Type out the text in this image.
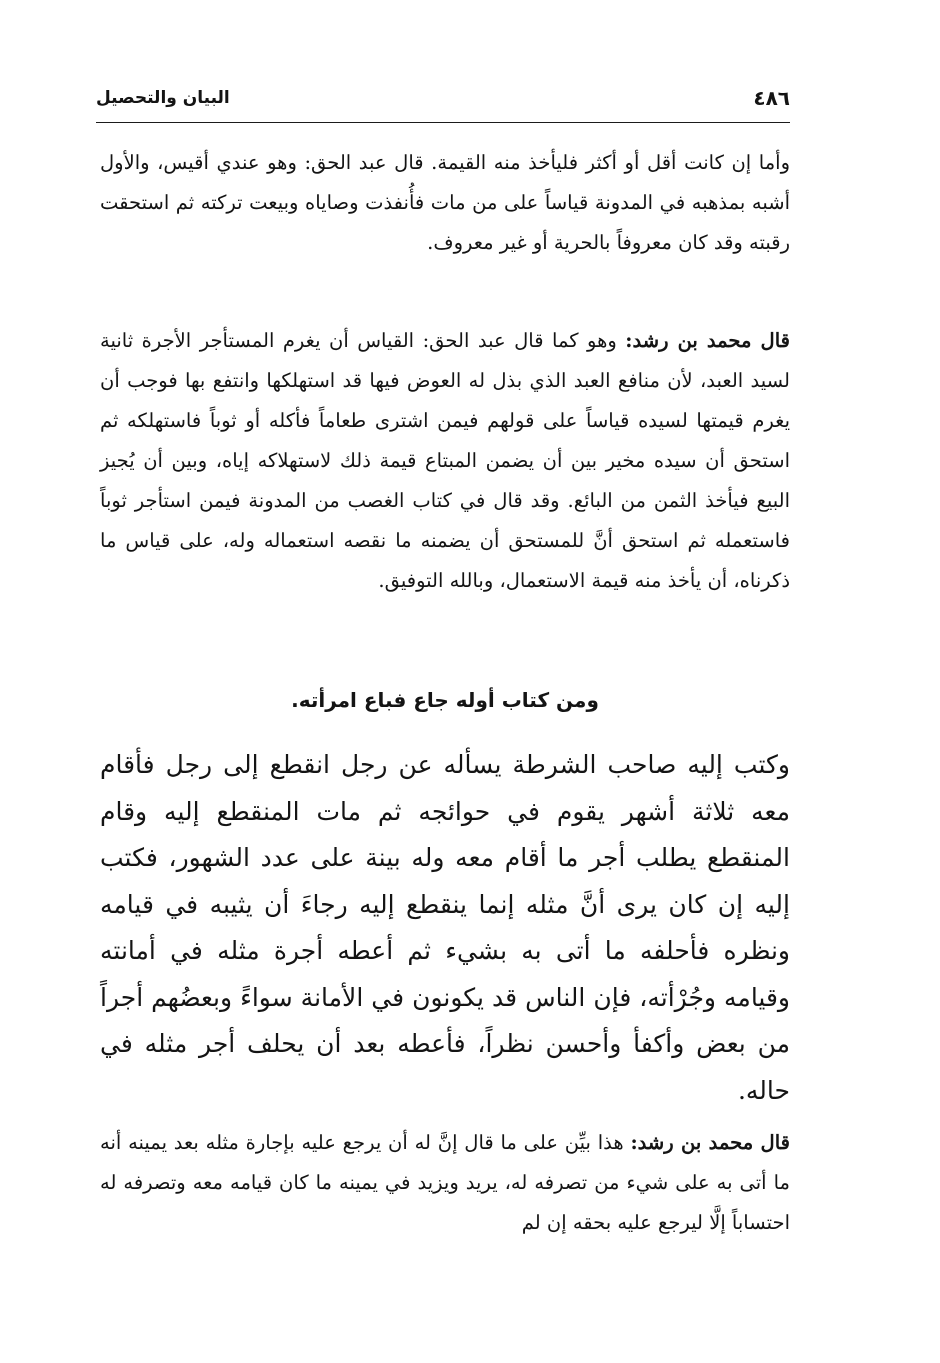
٤٨٦
البيان والتحصيل

وأما إن كانت أقل أو أكثر فليأخذ منه القيمة. قال عبد الحق: وهو عندي أقيس، والأول أشبه بمذهبه في المدونة قياساً على من مات فأُنفذت وصاياه وبيعت تركته ثم استحقت رقبته وقد كان معروفاً بالحرية أو غير معروف.

قال محمد بن رشد: وهو كما قال عبد الحق: القياس أن يغرم المستأجر الأجرة ثانية لسيد العبد، لأن منافع العبد الذي بذل له العوض فيها قد استهلكها وانتفع بها فوجب أن يغرم قيمتها لسيده قياساً على قولهم فيمن اشترى طعاماً فأكله أو ثوباً فاستهلكه ثم استحق أن سيده مخير بين أن يضمن المبتاع قيمة ذلك لاستهلاكه إياه، وبين أن يُجيز البيع فيأخذ الثمن من البائع. وقد قال في كتاب الغصب من المدونة فيمن استأجر ثوباً فاستعمله ثم استحق أنَّ للمستحق أن يضمنه ما نقصه استعماله وله، على قياس ما ذكرناه، أن يأخذ منه قيمة الاستعمال، وبالله التوفيق.

ومن كتاب أوله جاع فباع امرأته.

وكتب إليه صاحب الشرطة يسأله عن رجل انقطع إلى رجل فأقام معه ثلاثة أشهر يقوم في حوائجه ثم مات المنقطع إليه وقام المنقطع يطلب أجر ما أقام معه وله بينة على عدد الشهور، فكتب إليه إن كان يرى أنَّ مثله إنما ينقطع إليه رجاءَ أن يثيبه في قيامه ونظره فأحلفه ما أتى به بشيء ثم أعطه أجرة مثله في أمانته وقيامه وجُرْأته، فإن الناس قد يكونون في الأمانة سواءً وبعضُهم أجراً من بعض وأكفأ وأحسن نظراً، فأعطه بعد أن يحلف أجر مثله في حاله.

قال محمد بن رشد: هذا بيِّن على ما قال إنَّ له أن يرجع عليه بإجارة مثله بعد يمينه أنه ما أتى به على شيء من تصرفه له، يريد ويزيد في يمينه ما كان قيامه معه وتصرفه له احتساباً إلَّا ليرجع عليه بحقه إن لم
